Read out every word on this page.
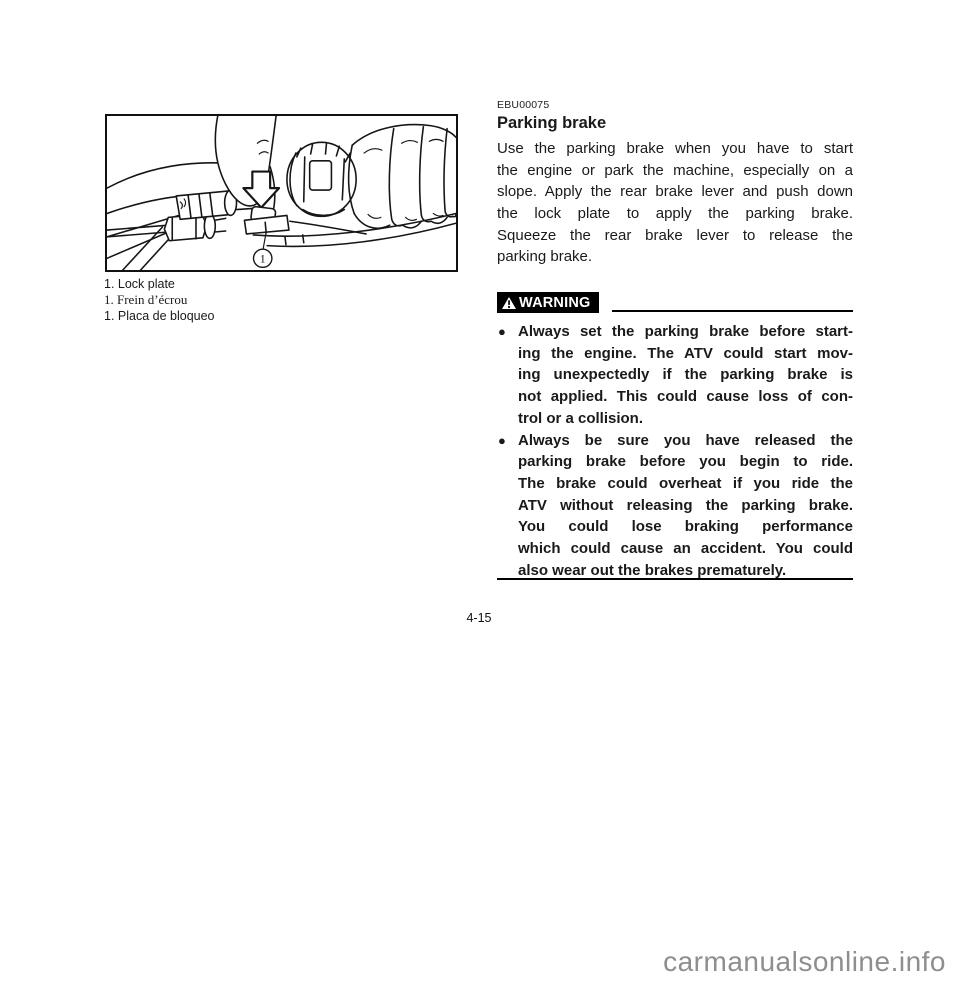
1
1. Lock plate
1. Frein d’écrou
1. Placa de bloqueo
EBU00075
Parking brake
Use the parking brake when you have to start
the engine or park the machine, especially on a
slope. Apply the rear brake lever and push down
the lock plate to apply the parking brake.
Squeeze the rear brake lever to release the
parking brake.
WARNING
● Always set the parking brake before start-
ing the engine. The ATV could start mov-
ing unexpectedly if the parking brake is
not applied. This could cause loss of con-
trol or a collision.
● Always be sure you have released the
parking brake before you begin to ride.
The brake could overheat if you ride the
ATV without releasing the parking brake.
You could lose braking performance
which could cause an accident. You could
also wear out the brakes prematurely.
4-15
carmanualsonline.info
